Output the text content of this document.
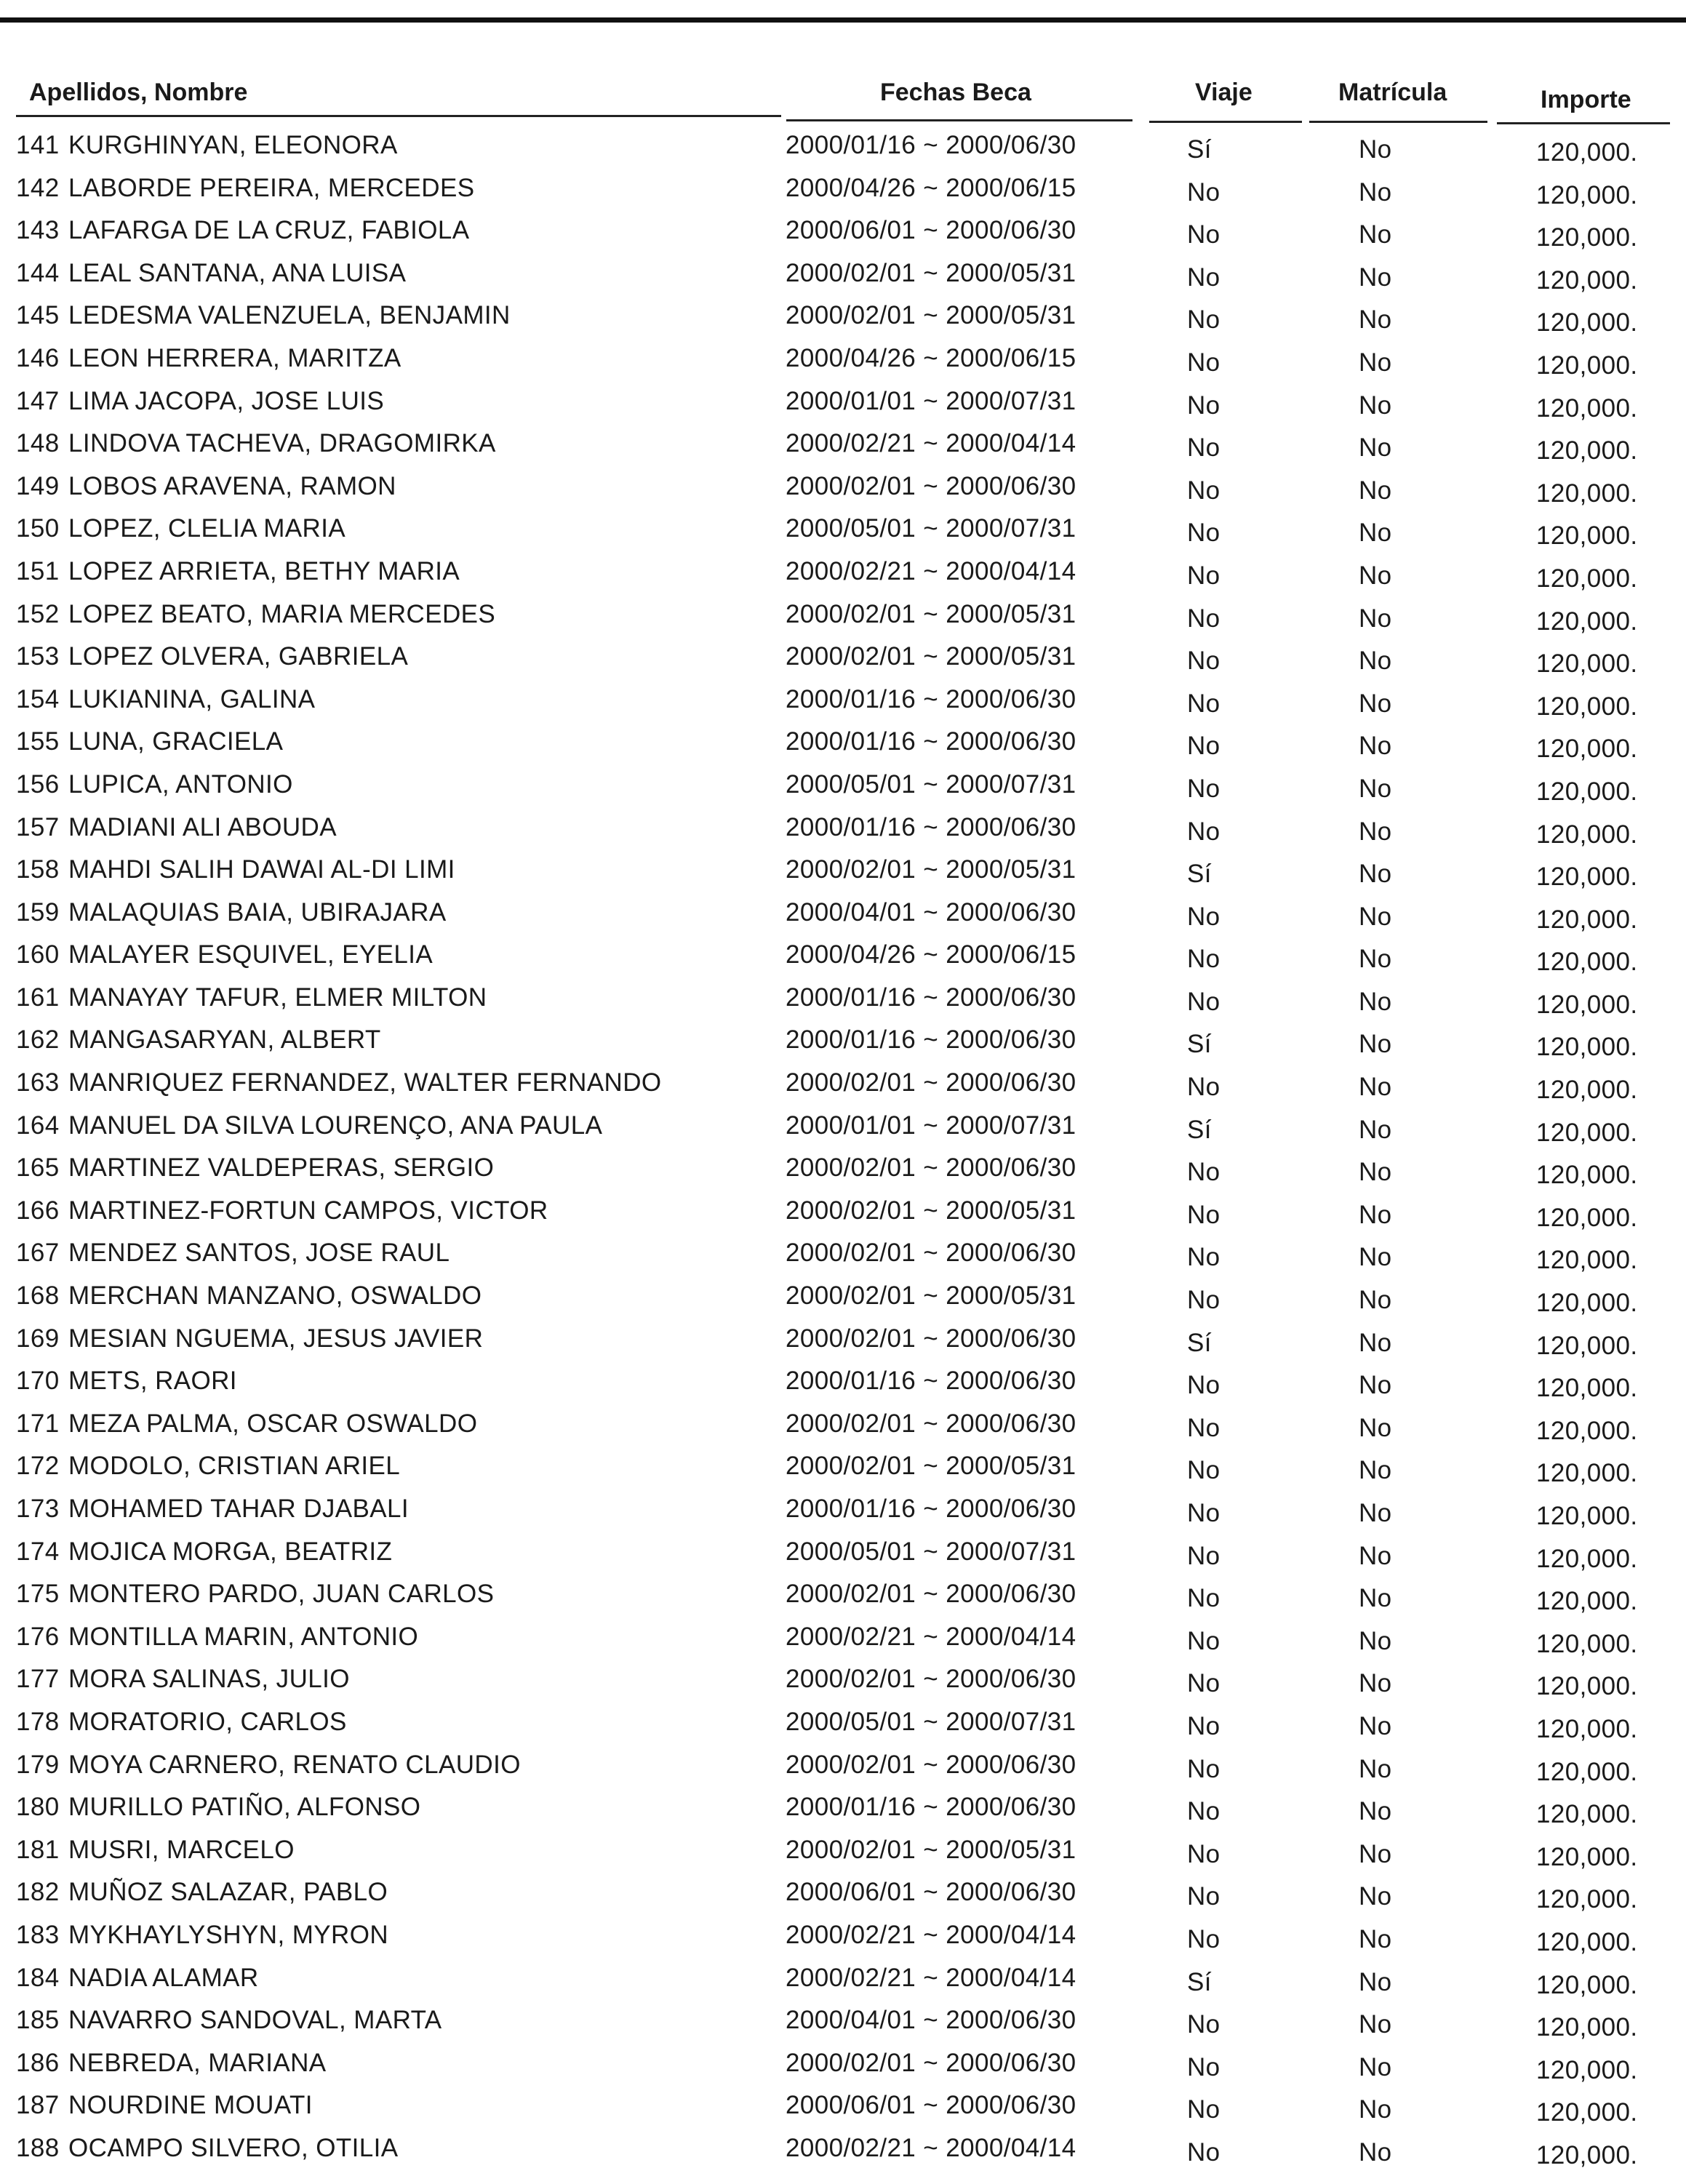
Apellidos, Nombre	Fechas Beca	Viaje	Matrícula	Importe
141 KURGHINYAN, ELEONORA	2000/01/16 ~ 2000/06/30	Sí	No	120,000.
142 LABORDE PEREIRA, MERCEDES	2000/04/26 ~ 2000/06/15	No	No	120,000.
143 LAFARGA DE LA CRUZ, FABIOLA	2000/06/01 ~ 2000/06/30	No	No	120,000.
144 LEAL SANTANA, ANA LUISA	2000/02/01 ~ 2000/05/31	No	No	120,000.
145 LEDESMA VALENZUELA, BENJAMIN	2000/02/01 ~ 2000/05/31	No	No	120,000.
146 LEON HERRERA, MARITZA	2000/04/26 ~ 2000/06/15	No	No	120,000.
147 LIMA JACOPA, JOSE LUIS	2000/01/01 ~ 2000/07/31	No	No	120,000.
148 LINDOVA TACHEVA, DRAGOMIRKA	2000/02/21 ~ 2000/04/14	No	No	120,000.
149 LOBOS ARAVENA, RAMON	2000/02/01 ~ 2000/06/30	No	No	120,000.
150 LOPEZ, CLELIA MARIA	2000/05/01 ~ 2000/07/31	No	No	120,000.
151 LOPEZ ARRIETA, BETHY MARIA	2000/02/21 ~ 2000/04/14	No	No	120,000.
152 LOPEZ BEATO, MARIA MERCEDES	2000/02/01 ~ 2000/05/31	No	No	120,000.
153 LOPEZ OLVERA, GABRIELA	2000/02/01 ~ 2000/05/31	No	No	120,000.
154 LUKIANINA, GALINA	2000/01/16 ~ 2000/06/30	No	No	120,000.
155 LUNA, GRACIELA	2000/01/16 ~ 2000/06/30	No	No	120,000.
156 LUPICA, ANTONIO	2000/05/01 ~ 2000/07/31	No	No	120,000.
157 MADIANI ALI ABOUDA	2000/01/16 ~ 2000/06/30	No	No	120,000.
158 MAHDI SALIH DAWAI AL-DI LIMI	2000/02/01 ~ 2000/05/31	Sí	No	120,000.
159 MALAQUIAS BAIA, UBIRAJARA	2000/04/01 ~ 2000/06/30	No	No	120,000.
160 MALAYER ESQUIVEL, EYELIA	2000/04/26 ~ 2000/06/15	No	No	120,000.
161 MANAYAY TAFUR, ELMER MILTON	2000/01/16 ~ 2000/06/30	No	No	120,000.
162 MANGASARYAN, ALBERT	2000/01/16 ~ 2000/06/30	Sí	No	120,000.
163 MANRIQUEZ FERNANDEZ, WALTER FERNANDO	2000/02/01 ~ 2000/06/30	No	No	120,000.
164 MANUEL DA SILVA LOURENÇO, ANA PAULA	2000/01/01 ~ 2000/07/31	Sí	No	120,000.
165 MARTINEZ VALDEPERAS, SERGIO	2000/02/01 ~ 2000/06/30	No	No	120,000.
166 MARTINEZ-FORTUN CAMPOS, VICTOR	2000/02/01 ~ 2000/05/31	No	No	120,000.
167 MENDEZ SANTOS, JOSE RAUL	2000/02/01 ~ 2000/06/30	No	No	120,000.
168 MERCHAN MANZANO, OSWALDO	2000/02/01 ~ 2000/05/31	No	No	120,000.
169 MESIAN NGUEMA, JESUS JAVIER	2000/02/01 ~ 2000/06/30	Sí	No	120,000.
170 METS, RAORI	2000/01/16 ~ 2000/06/30	No	No	120,000.
171 MEZA PALMA, OSCAR OSWALDO	2000/02/01 ~ 2000/06/30	No	No	120,000.
172 MODOLO, CRISTIAN ARIEL	2000/02/01 ~ 2000/05/31	No	No	120,000.
173 MOHAMED TAHAR DJABALI	2000/01/16 ~ 2000/06/30	No	No	120,000.
174 MOJICA MORGA, BEATRIZ	2000/05/01 ~ 2000/07/31	No	No	120,000.
175 MONTERO PARDO, JUAN CARLOS	2000/02/01 ~ 2000/06/30	No	No	120,000.
176 MONTILLA MARIN, ANTONIO	2000/02/21 ~ 2000/04/14	No	No	120,000.
177 MORA SALINAS, JULIO	2000/02/01 ~ 2000/06/30	No	No	120,000.
178 MORATORIO, CARLOS	2000/05/01 ~ 2000/07/31	No	No	120,000.
179 MOYA CARNERO, RENATO CLAUDIO	2000/02/01 ~ 2000/06/30	No	No	120,000.
180 MURILLO PATIÑO, ALFONSO	2000/01/16 ~ 2000/06/30	No	No	120,000.
181 MUSRI, MARCELO	2000/02/01 ~ 2000/05/31	No	No	120,000.
182 MUÑOZ SALAZAR, PABLO	2000/06/01 ~ 2000/06/30	No	No	120,000.
183 MYKHAYLYSHYN, MYRON	2000/02/21 ~ 2000/04/14	No	No	120,000.
184 NADIA ALAMAR	2000/02/21 ~ 2000/04/14	Sí	No	120,000.
185 NAVARRO SANDOVAL, MARTA	2000/04/01 ~ 2000/06/30	No	No	120,000.
186 NEBREDA, MARIANA	2000/02/01 ~ 2000/06/30	No	No	120,000.
187 NOURDINE MOUATI	2000/06/01 ~ 2000/06/30	No	No	120,000.
188 OCAMPO SILVERO, OTILIA	2000/02/21 ~ 2000/04/14	No	No	120,000.
